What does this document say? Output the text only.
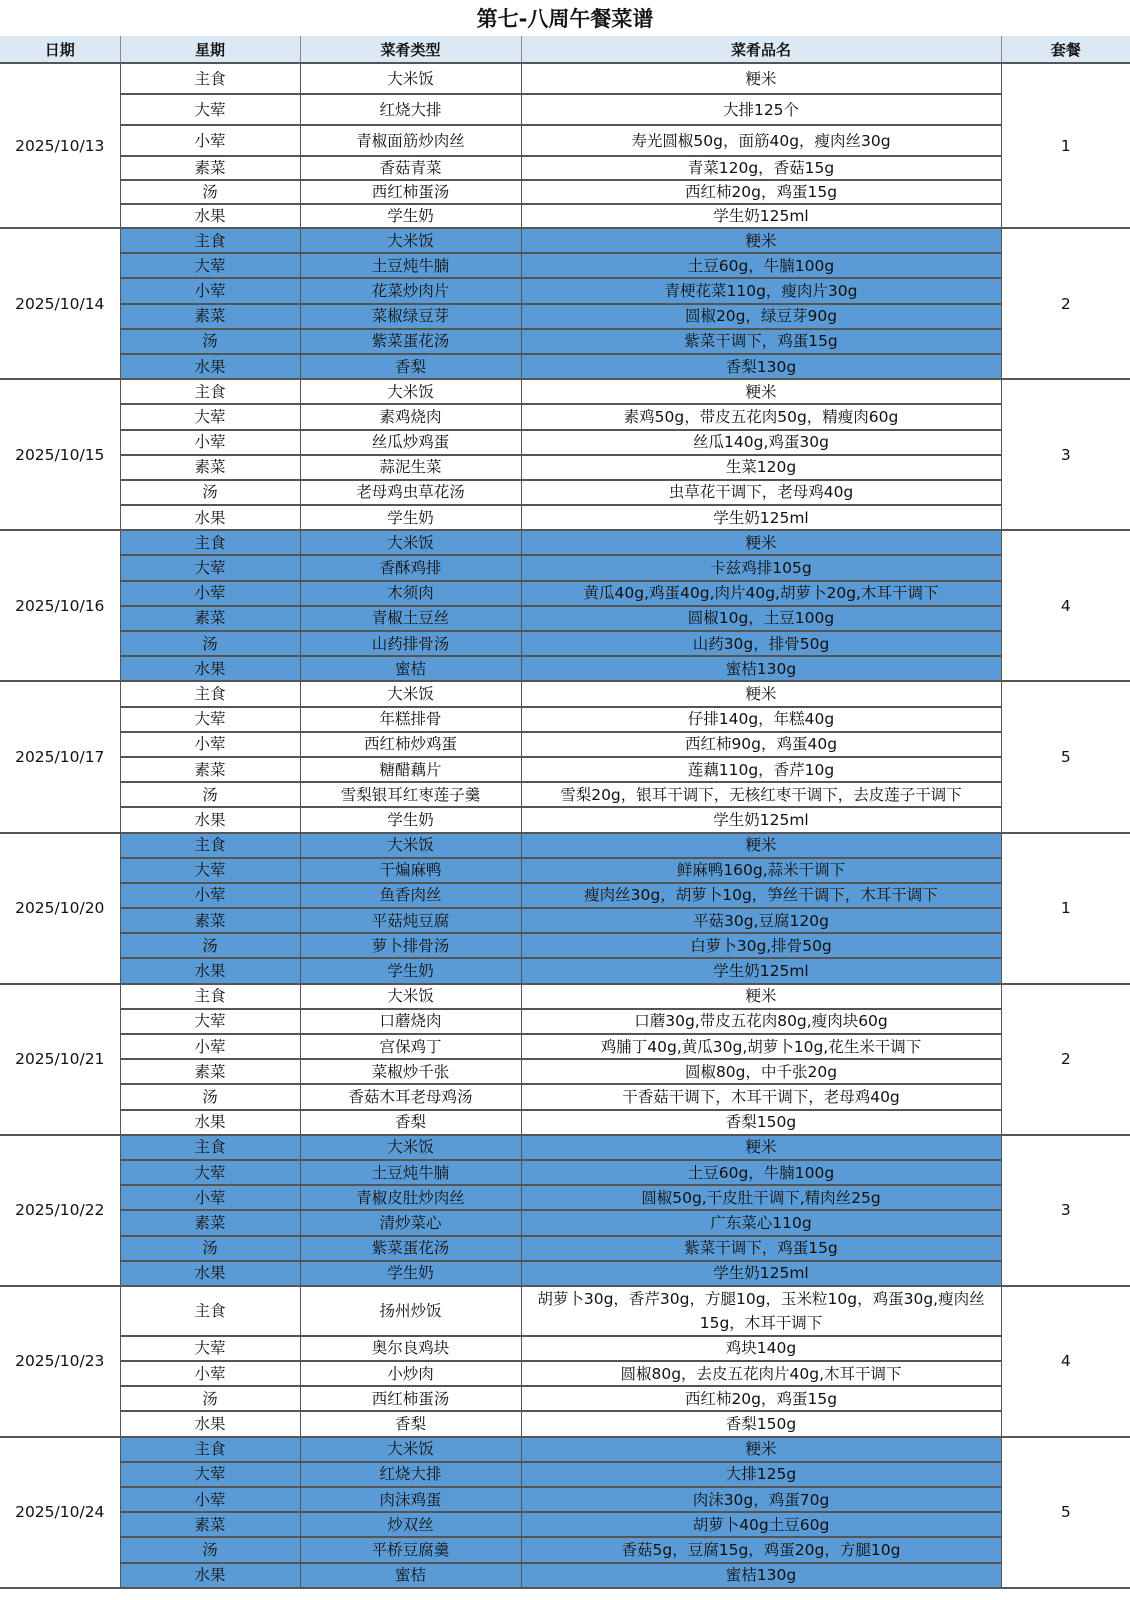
第七-八周午餐菜谱
日期	星期	菜肴类型	菜肴品名	套餐
2025/10/13	主食	大米饭	粳米	1
	大荤	红烧大排	大排125个	
	小荤	青椒面筋炒肉丝	寿光圆椒50g，面筋40g，瘦肉丝30g	
	素菜	香菇青菜	青菜120g，香菇15g	
	汤	西红柿蛋汤	西红柿20g，鸡蛋15g	
	水果	学生奶	学生奶125ml	
2025/10/14	主食	大米饭	粳米	2
	大荤	土豆炖牛腩	土豆60g，牛腩100g	
	小荤	花菜炒肉片	青梗花菜110g，瘦肉片30g	
	素菜	菜椒绿豆芽	圆椒20g，绿豆芽90g	
	汤	紫菜蛋花汤	紫菜干调下，鸡蛋15g	
	水果	香梨	香梨130g	
2025/10/15	主食	大米饭	粳米	3
	大荤	素鸡烧肉	素鸡50g，带皮五花肉50g，精瘦肉60g	
	小荤	丝瓜炒鸡蛋	丝瓜140g,鸡蛋30g	
	素菜	蒜泥生菜	生菜120g	
	汤	老母鸡虫草花汤	虫草花干调下，老母鸡40g	
	水果	学生奶	学生奶125ml	
2025/10/16	主食	大米饭	粳米	4
	大荤	香酥鸡排	卡兹鸡排105g	
	小荤	木须肉	黄瓜40g,鸡蛋40g,肉片40g,胡萝卜20g,木耳干调下	
	素菜	青椒土豆丝	圆椒10g，土豆100g	
	汤	山药排骨汤	山药30g，排骨50g	
	水果	蜜桔	蜜桔130g	
2025/10/17	主食	大米饭	粳米	5
	大荤	年糕排骨	仔排140g，年糕40g	
	小荤	西红柿炒鸡蛋	西红柿90g，鸡蛋40g	
	素菜	糖醋藕片	莲藕110g，香芹10g	
	汤	雪梨银耳红枣莲子羹	雪梨20g，银耳干调下，无核红枣干调下，去皮莲子干调下	
	水果	学生奶	学生奶125ml	
2025/10/20	主食	大米饭	粳米	1
	大荤	干煸麻鸭	鲜麻鸭160g,蒜米干调下	
	小荤	鱼香肉丝	瘦肉丝30g，胡萝卜10g，笋丝干调下，木耳干调下	
	素菜	平菇炖豆腐	平菇30g,豆腐120g	
	汤	萝卜排骨汤	白萝卜30g,排骨50g	
	水果	学生奶	学生奶125ml	
2025/10/21	主食	大米饭	粳米	2
	大荤	口蘑烧肉	口蘑30g,带皮五花肉80g,瘦肉块60g	
	小荤	宫保鸡丁	鸡脯丁40g,黄瓜30g,胡萝卜10g,花生米干调下	
	素菜	菜椒炒千张	圆椒80g，中千张20g	
	汤	香菇木耳老母鸡汤	干香菇干调下，木耳干调下，老母鸡40g	
	水果	香梨	香梨150g	
2025/10/22	主食	大米饭	粳米	3
	大荤	土豆炖牛腩	土豆60g，牛腩100g	
	小荤	青椒皮肚炒肉丝	圆椒50g,干皮肚干调下,精肉丝25g	
	素菜	清炒菜心	广东菜心110g	
	汤	紫菜蛋花汤	紫菜干调下，鸡蛋15g	
	水果	学生奶	学生奶125ml	
2025/10/23	主食	扬州炒饭	胡萝卜30g，香芹30g，方腿10g，玉米粒10g，鸡蛋30g,瘦肉丝15g，木耳干调下	4
	大荤	奥尔良鸡块	鸡块140g	
	小荤	小炒肉	圆椒80g，去皮五花肉片40g,木耳干调下	
	汤	西红柿蛋汤	西红柿20g，鸡蛋15g	
	水果	香梨	香梨150g	
2025/10/24	主食	大米饭	粳米	5
	大荤	红烧大排	大排125g	
	小荤	肉沫鸡蛋	肉沫30g，鸡蛋70g	
	素菜	炒双丝	胡萝卜40g土豆60g	
	汤	平桥豆腐羹	香菇5g，豆腐15g，鸡蛋20g，方腿10g	
	水果	蜜桔	蜜桔130g	
